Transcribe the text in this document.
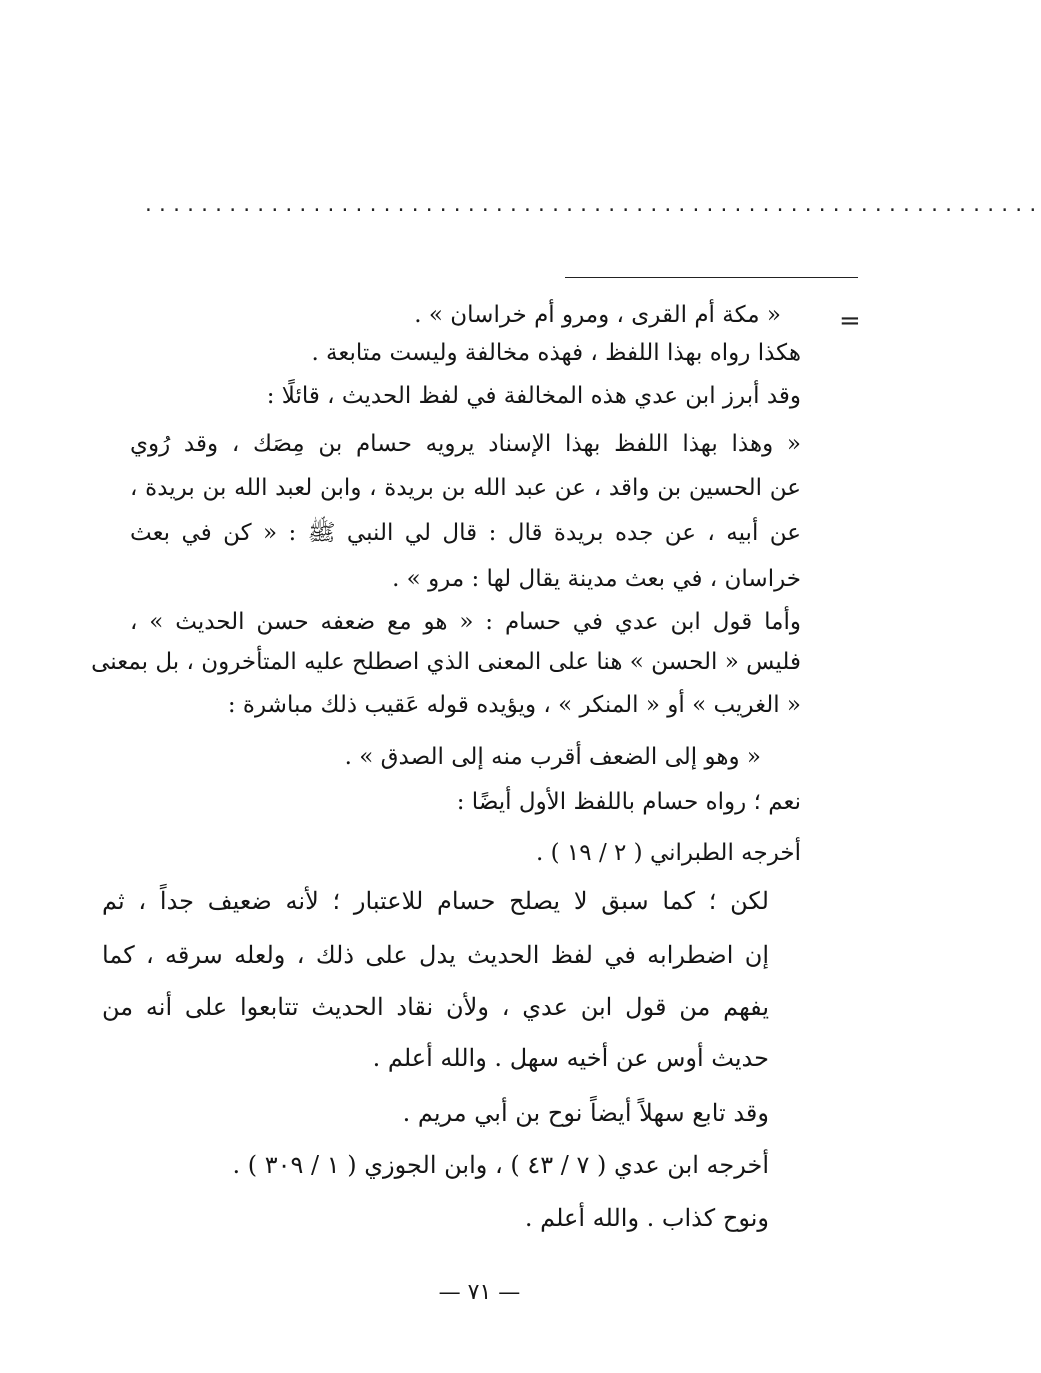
................................................................
=
« مكة أم القرى ، ومرو أم خراسان » .
هكذا رواه بهذا اللفظ ، فهذه مخالفة وليست متابعة .
وقد أبرز ابن عدي هذه المخالفة في لفظ الحديث ، قائلًا :
« وهذا بهذا اللفظ بهذا الإسناد يرويه حسام بن مِصَك ، وقد رُوي
عن الحسين بن واقد ، عن عبد الله بن بريدة ، وابن لعبد الله بن بريدة ،
عن أبيه ، عن جده بريدة قال : قال لي النبي ﷺ : « كن في بعث
خراسان ، في بعث مدينة يقال لها : مرو » .
وأما قول ابن عدي في حسام : « هو مع ضعفه حسن الحديث » ،
فليس « الحسن » هنا على المعنى الذي اصطلح عليه المتأخرون ، بل بمعنى
« الغريب » أو « المنكر » ، ويؤيده قوله عَقيب ذلك مباشرة :
« وهو إلى الضعف أقرب منه إلى الصدق » .
نعم ؛ رواه حسام باللفظ الأول أيضًا :
أخرجه الطبراني ( ٢ / ١٩ ) .
لكن ؛ كما سبق لا يصلح حسام للاعتبار ؛ لأنه ضعيف جداً ، ثم
إن اضطرابه في لفظ الحديث يدل على ذلك ، ولعله سرقه ، كما
يفهم من قول ابن عدي ، ولأن نقاد الحديث تتابعوا على أنه من
حديث أوس عن أخيه سهل . والله أعلم .
وقد تابع سهلاً أيضاً نوح بن أبي مريم .
أخرجه ابن عدي ( ٧ / ٤٣ ) ، وابن الجوزي ( ١ / ٣٠٩ ) .
ونوح كذاب . والله أعلم .
— ٧١ —
